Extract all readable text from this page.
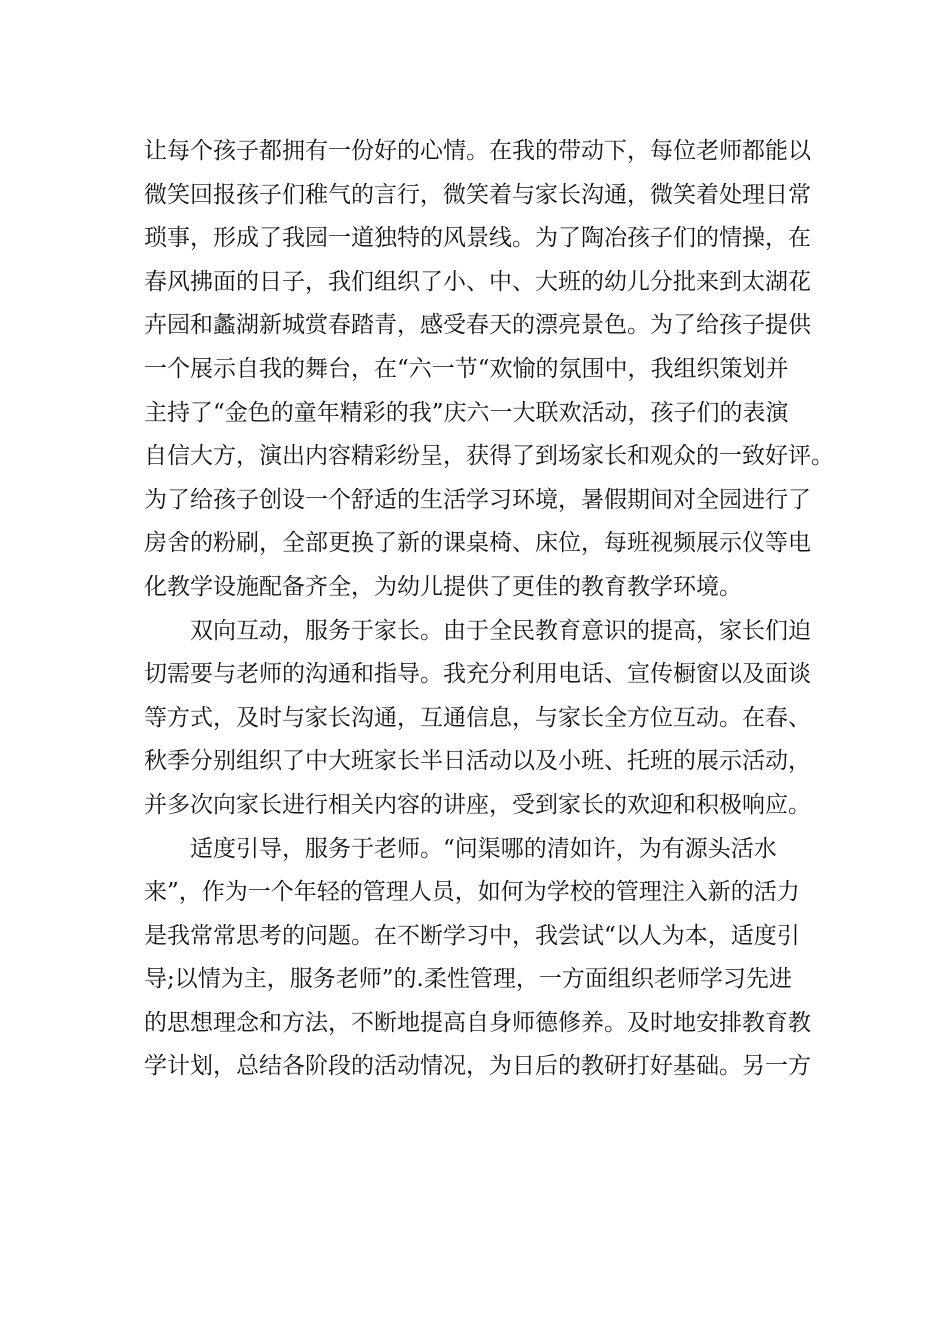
让每个孩子都拥有一份好的心情。在我的带动下，每位老师都能以
微笑回报孩子们稚气的言行，微笑着与家长沟通，微笑着处理日常
琐事，形成了我园一道独特的风景线。为了陶冶孩子们的情操，在
春风拂面的日子，我们组织了小、中、大班的幼儿分批来到太湖花
卉园和蠡湖新城赏春踏青，感受春天的漂亮景色。为了给孩子提供
一个展示自我的舞台，在“六一节“欢愉的氛围中，我组织策划并
主持了“金色的童年精彩的我”庆六一大联欢活动，孩子们的表演
自信大方，演出内容精彩纷呈，获得了到场家长和观众的一致好评。
为了给孩子创设一个舒适的生活学习环境，暑假期间对全园进行了
房舍的粉刷，全部更换了新的课桌椅、床位，每班视频展示仪等电
化教学设施配备齐全，为幼儿提供了更佳的教育教学环境。
双向互动，服务于家长。由于全民教育意识的提高，家长们迫
切需要与老师的沟通和指导。我充分利用电话、宣传橱窗以及面谈
等方式，及时与家长沟通，互通信息，与家长全方位互动。在春、
秋季分别组织了中大班家长半日活动以及小班、托班的展示活动，
并多次向家长进行相关内容的讲座，受到家长的欢迎和积极响应。
适度引导，服务于老师。“问渠哪的清如许，为有源头活水
来”，作为一个年轻的管理人员，如何为学校的管理注入新的活力
是我常常思考的问题。在不断学习中，我尝试“以人为本，适度引
导;以情为主，服务老师”的.柔性管理，一方面组织老师学习先进
的思想理念和方法，不断地提高自身师德修养。及时地安排教育教
学计划，总结各阶段的活动情况，为日后的教研打好基础。另一方
